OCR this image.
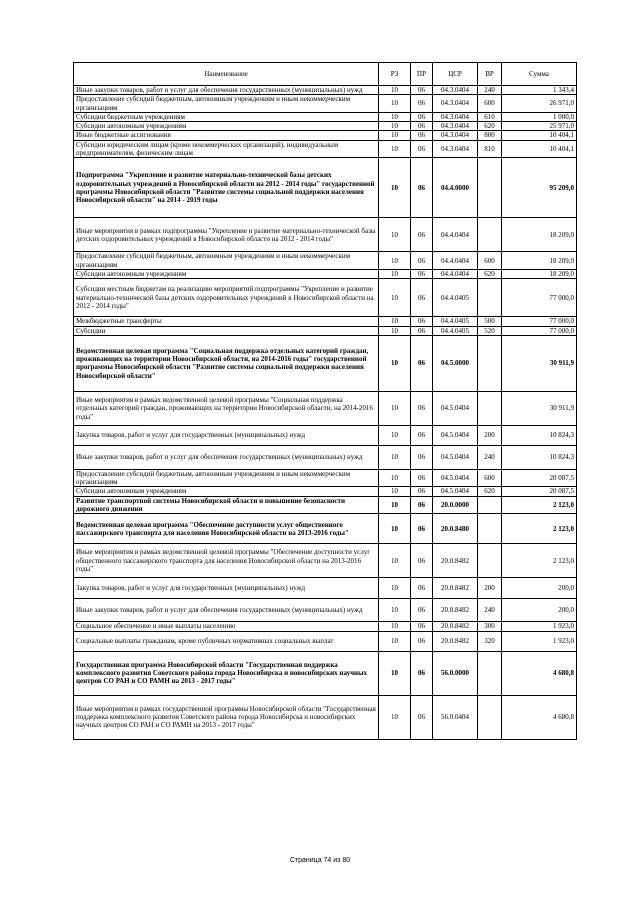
Наименование	РЗ	ПР	ЦСР	ВР	Сумма
Иные закупки товаров, работ и услуг для обеспечения государственных (муниципальных) нужд	10	06	04.3.0404	240	1 343,4
Предоставление субсидий бюджетным, автономным учреждениям и иным некоммерческим организациям	10	06	04.3.0404	600	26 971,0
Субсидии бюджетным учреждениям	10	06	04.3.0404	610	1 000,0
Субсидии автономным учреждениям	10	06	04.3.0404	620	25 971,0
Иные бюджетные ассигнования	10	06	04.3.0404	800	10 404,1
Субсидии юридическим лицам (кроме некоммерческих организаций), индивидуальным предпринимателям, физическим лицам	10	06	04.3.0404	810	10 404,1
Подпрограмма "Укрепление и развитие материально-технической базы детских оздоровительных учреждений в Новосибирской области на 2012 - 2014 годы" государственной программы Новосибирской области "Развитие системы социальной поддержки населения Новосибирской области" на 2014 - 2019 годы	10	06	04.4.0000		95 209,0
Иные мероприятия в рамках подпрограммы "Укрепление и развитие материально-технической базы детских оздоровительных учреждений в Новосибирской области на 2012 - 2014 годы"	10	06	04.4.0404		18 209,0
Предоставление субсидий бюджетным, автономным учреждениям и иным некоммерческим организациям	10	06	04.4.0404	600	18 209,0
Субсидии автономным учреждениям	10	06	04.4.0404	620	18 209,0
Субсидии местным бюджетам на реализацию мероприятий подпрограммы "Укрепление и развитие материально-технической базы детских оздоровительных учреждений в Новосибирской области на 2012 - 2014 годы"	10	06	04.4.0405		77 000,0
Межбюджетные трансферты	10	06	04.4.0405	500	77 000,0
Субсидии	10	06	04.4.0405	520	77 000,0
Ведомственная целевая программа "Социальная поддержка отдельных категорий граждан, проживающих на территории Новосибирской области, на 2014-2016 годы" государственной программы Новосибирской области "Развитие системы социальной поддержки населения Новосибирской области"	10	06	04.5.0000		30 911,9
Иные мероприятия в рамках ведомственной целевой программы "Социальная поддержка отдельных категорий граждан, проживающих на территории Новосибирской области, на 2014-2016 годы"	10	06	04.5.0404		30 911,9
Закупка товаров, работ и услуг для государственных (муниципальных) нужд	10	06	04.5.0404	200	10 824,3
Иные закупки товаров, работ и услуг для обеспечения государственных (муниципальных) нужд	10	06	04.5.0404	240	10 824,3
Предоставление субсидий бюджетным, автономным учреждениям и иным некоммерческим организациям	10	06	04.5.0404	600	20 087,5
Субсидии автономным учреждениям	10	06	04.5.0404	620	20 087,5
Развитие транспортной системы Новосибирской области и повышение безопасности дорожного движения	10	06	20.0.0000		2 123,0
Ведомственная целевая программа "Обеспечение доступности услуг общественного пассажирского транспорта для населения Новосибирской области на 2013-2016 годы"	10	06	20.0.8480		2 123,0
Иные мероприятия в рамках ведомственной целевой программы "Обеспечение доступности услуг общественного пассажирского транспорта для населения Новосибирской области на 2013-2016 годы"	10	06	20.0.8482		2 123,0
Закупка товаров, работ и услуг для государственных (муниципальных) нужд	10	06	20.0.8482	200	200,0
Иные закупки товаров, работ и услуг для обеспечения государственных (муниципальных) нужд	10	06	20.0.8482	240	200,0
Социальное обеспечение и иные выплаты населению	10	06	20.0.8482	300	1 923,0
Социальные выплаты гражданам, кроме публичных нормативных социальных выплат	10	06	20.0.8482	320	1 923,0
Государственная программа Новосибирской области "Государственная поддержка комплексного развития Советского района города Новосибирска и новосибирских научных центров СО РАН и СО РАМН на 2013 - 2017 годы"	10	06	56.0.0000		4 680,8
Иные мероприятия в рамках государственной программы Новосибирской области "Государственная поддержка комплексного развития Советского района города Новосибирска и новосибирских научных центров СО РАН и СО РАМН на 2013 - 2017 годы"	10	06	56.0.0404		4 680,8
Страница 74 из 80
